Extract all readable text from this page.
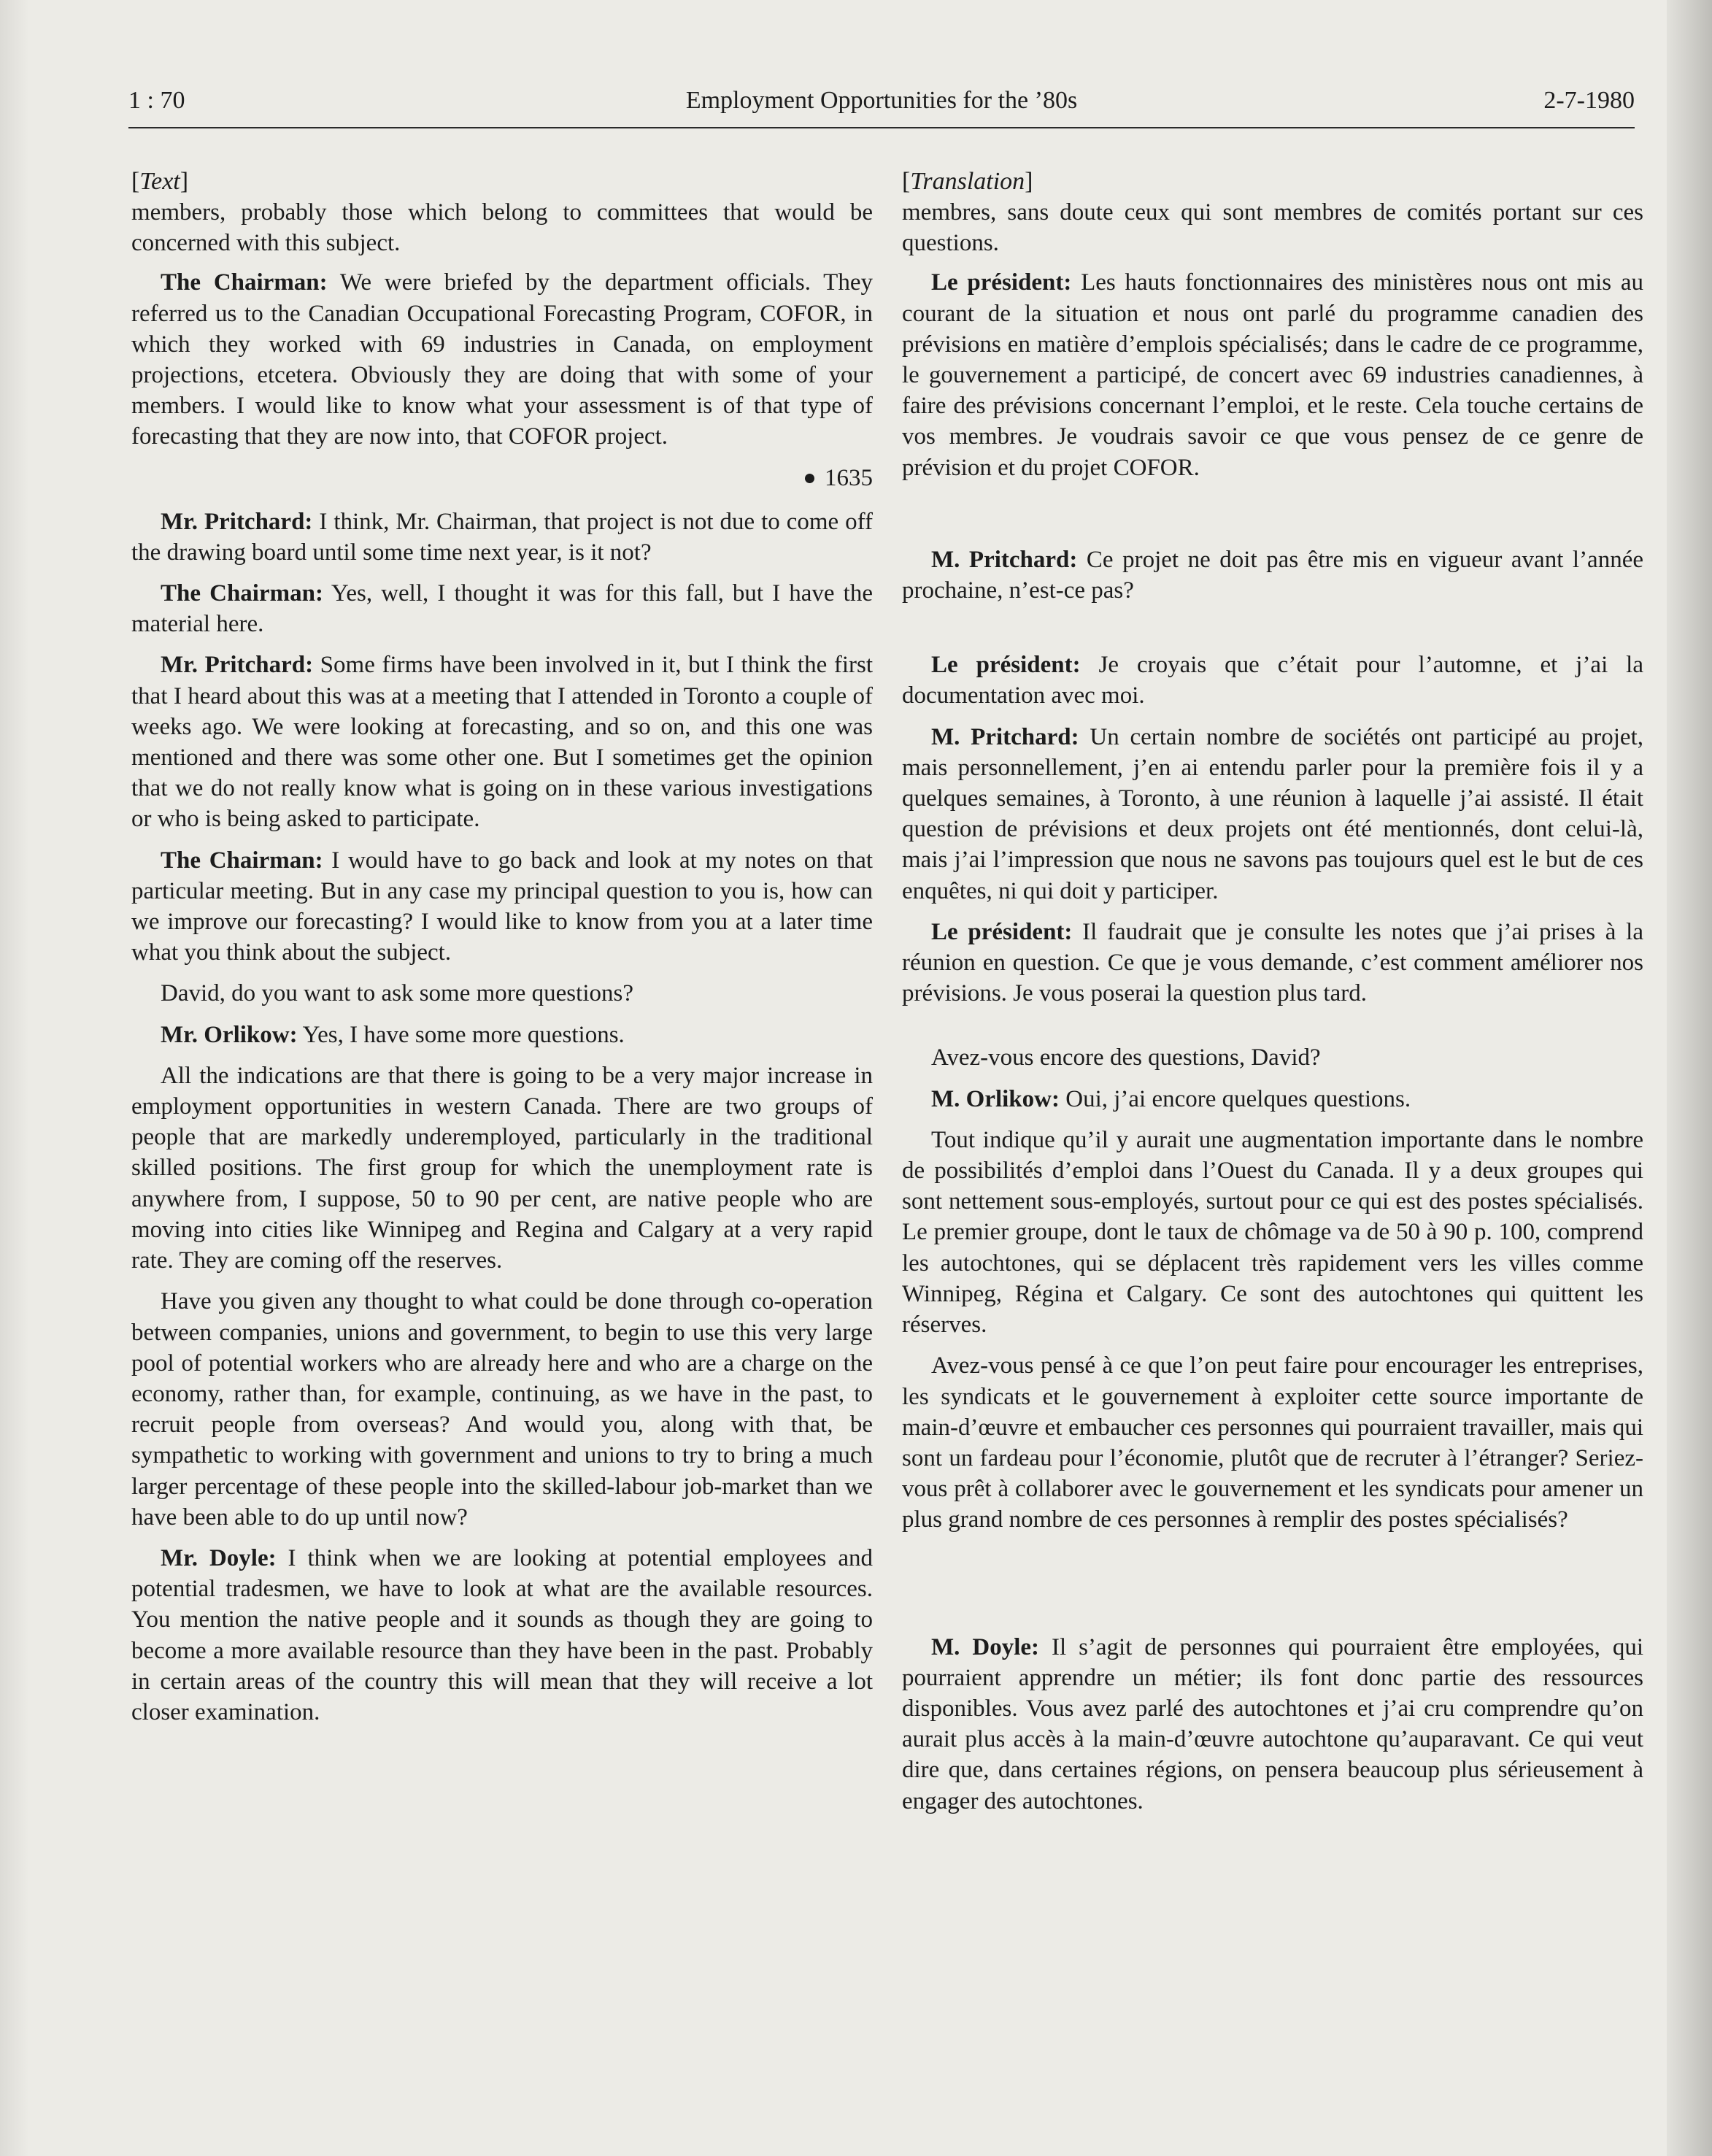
1 : 70	Employment Opportunities for the ’80s	2-7-1980

[Text]

members, probably those which belong to committees that would be concerned with this subject.

The Chairman: We were briefed by the department officials. They referred us to the Canadian Occupational Forecasting Program, COFOR, in which they worked with 69 industries in Canada, on employment projections, etcetera. Obviously they are doing that with some of your members. I would like to know what your assessment is of that type of forecasting that they are now into, that COFOR project.

1635

Mr. Pritchard: I think, Mr. Chairman, that project is not due to come off the drawing board until some time next year, is it not?

The Chairman: Yes, well, I thought it was for this fall, but I have the material here.

Mr. Pritchard: Some firms have been involved in it, but I think the first that I heard about this was at a meeting that I attended in Toronto a couple of weeks ago. We were looking at forecasting, and so on, and this one was mentioned and there was some other one. But I sometimes get the opinion that we do not really know what is going on in these various investigations or who is being asked to participate.

The Chairman: I would have to go back and look at my notes on that particular meeting. But in any case my principal question to you is, how can we improve our forecasting? I would like to know from you at a later time what you think about the subject.

David, do you want to ask some more questions?

Mr. Orlikow: Yes, I have some more questions.

All the indications are that there is going to be a very major increase in employment opportunities in western Canada. There are two groups of people that are markedly underemployed, particularly in the traditional skilled positions. The first group for which the unemployment rate is anywhere from, I suppose, 50 to 90 per cent, are native people who are moving into cities like Winnipeg and Regina and Calgary at a very rapid rate. They are coming off the reserves.

Have you given any thought to what could be done through co-operation between companies, unions and government, to begin to use this very large pool of potential workers who are already here and who are a charge on the economy, rather than, for example, continuing, as we have in the past, to recruit people from overseas? And would you, along with that, be sympathetic to working with government and unions to try to bring a much larger percentage of these people into the skilled-labour job-market than we have been able to do up until now?

Mr. Doyle: I think when we are looking at potential employees and potential tradesmen, we have to look at what are the available resources. You mention the native people and it sounds as though they are going to become a more available resource than they have been in the past. Probably in certain areas of the country this will mean that they will receive a lot closer examination.

[Translation]

membres, sans doute ceux qui sont membres de comités portant sur ces questions.

Le président: Les hauts fonctionnaires des ministères nous ont mis au courant de la situation et nous ont parlé du programme canadien des prévisions en matière d’emplois spécialisés; dans le cadre de ce programme, le gouvernement a participé, de concert avec 69 industries canadiennes, à faire des prévisions concernant l’emploi, et le reste. Cela touche certains de vos membres. Je voudrais savoir ce que vous pensez de ce genre de prévision et du projet COFOR.

M. Pritchard: Ce projet ne doit pas être mis en vigueur avant l’année prochaine, n’est-ce pas?

Le président: Je croyais que c’était pour l’automne, et j’ai la documentation avec moi.

M. Pritchard: Un certain nombre de sociétés ont participé au projet, mais personnellement, j’en ai entendu parler pour la première fois il y a quelques semaines, à Toronto, à une réunion à laquelle j’ai assisté. Il était question de prévisions et deux projets ont été mentionnés, dont celui-là, mais j’ai l’impression que nous ne savons pas toujours quel est le but de ces enquêtes, ni qui doit y participer.

Le président: Il faudrait que je consulte les notes que j’ai prises à la réunion en question. Ce que je vous demande, c’est comment améliorer nos prévisions. Je vous poserai la question plus tard.

Avez-vous encore des questions, David?

M. Orlikow: Oui, j’ai encore quelques questions.

Tout indique qu’il y aurait une augmentation importante dans le nombre de possibilités d’emploi dans l’Ouest du Canada. Il y a deux groupes qui sont nettement sous-employés, surtout pour ce qui est des postes spécialisés. Le premier groupe, dont le taux de chômage va de 50 à 90 p. 100, comprend les autochtones, qui se déplacent très rapidement vers les villes comme Winnipeg, Régina et Calgary. Ce sont des autochtones qui quittent les réserves.

Avez-vous pensé à ce que l’on peut faire pour encourager les entreprises, les syndicats et le gouvernement à exploiter cette source importante de main-d’œuvre et embaucher ces personnes qui pourraient travailler, mais qui sont un fardeau pour l’économie, plutôt que de recruter à l’étranger? Seriez-vous prêt à collaborer avec le gouvernement et les syndicats pour amener un plus grand nombre de ces personnes à remplir des postes spécialisés?

M. Doyle: Il s’agit de personnes qui pourraient être employées, qui pourraient apprendre un métier; ils font donc partie des ressources disponibles. Vous avez parlé des autochtones et j’ai cru comprendre qu’on aurait plus accès à la main-d’œuvre autochtone qu’auparavant. Ce qui veut dire que, dans certaines régions, on pensera beaucoup plus sérieusement à engager des autochtones.
